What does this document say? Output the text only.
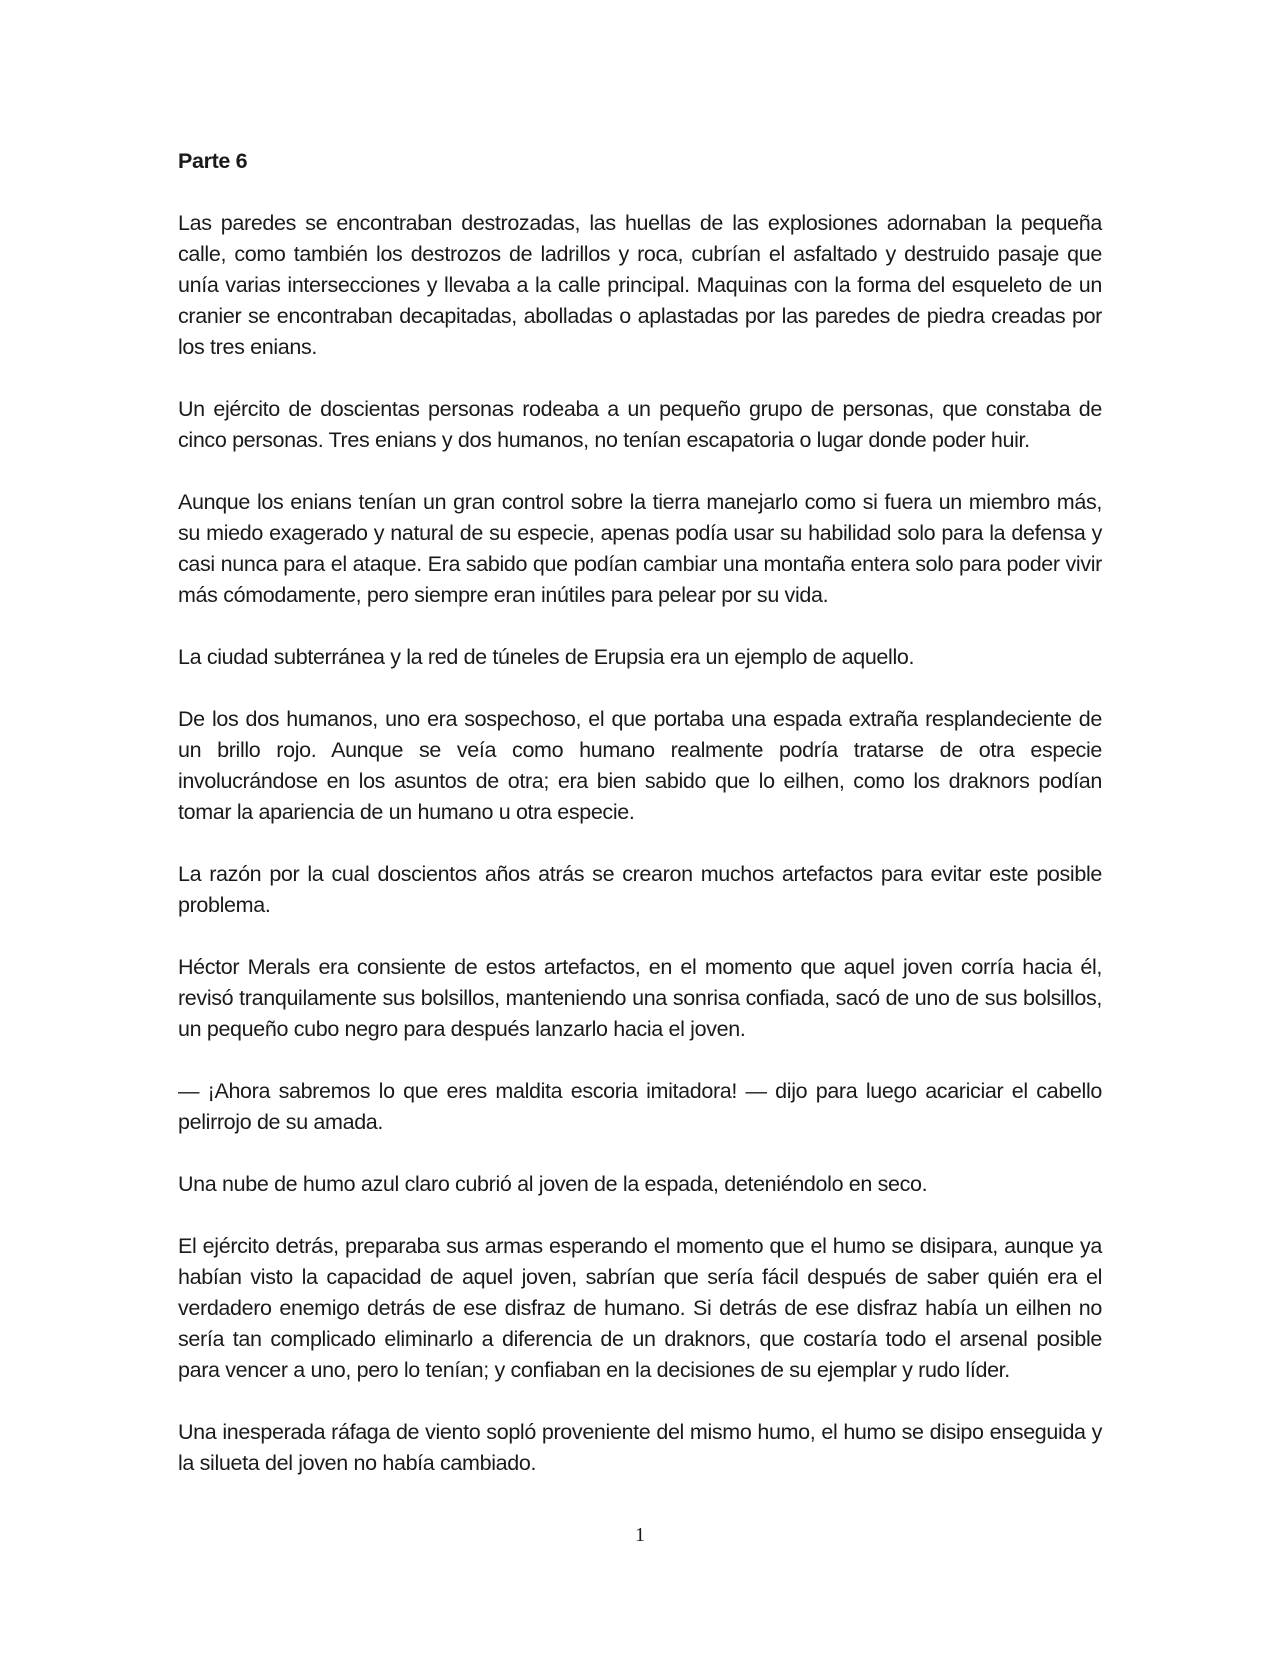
Parte 6

Las paredes se encontraban destrozadas, las huellas de las explosiones adornaban la pequeña calle, como también los destrozos de ladrillos y roca, cubrían el asfaltado y destruido pasaje que unía varias intersecciones y llevaba a la calle principal. Maquinas con la forma del esqueleto de un cranier se encontraban decapitadas, abolladas o aplastadas por las paredes de piedra creadas por los tres enians.

Un ejército de doscientas personas rodeaba a un pequeño grupo de personas, que constaba de cinco personas. Tres enians y dos humanos, no tenían escapatoria o lugar donde poder huir.

Aunque los enians tenían un gran control sobre la tierra manejarlo como si fuera un miembro más, su miedo exagerado y natural de su especie, apenas podía usar su habilidad solo para la defensa y casi nunca para el ataque. Era sabido que podían cambiar una montaña entera solo para poder vivir más cómodamente, pero siempre eran inútiles para pelear por su vida.

La ciudad subterránea y la red de túneles de Erupsia era un ejemplo de aquello.

De los dos humanos, uno era sospechoso, el que portaba una espada extraña resplandeciente de un brillo rojo. Aunque se veía como humano realmente podría tratarse de otra especie involucrándose en los asuntos de otra; era bien sabido que lo eilhen, como los draknors podían tomar la apariencia de un humano u otra especie.

La razón por la cual doscientos años atrás se crearon muchos artefactos para evitar este posible problema.

Héctor Merals era consiente de estos artefactos, en el momento que aquel joven corría hacia él, revisó tranquilamente sus bolsillos, manteniendo una sonrisa confiada, sacó de uno de sus bolsillos, un pequeño cubo negro para después lanzarlo hacia el joven.

— ¡Ahora sabremos lo que eres maldita escoria imitadora! — dijo para luego acariciar el cabello pelirrojo de su amada.

Una nube de humo azul claro cubrió al joven de la espada, deteniéndolo en seco.

El ejército detrás, preparaba sus armas esperando el momento que el humo se disipara, aunque ya habían visto la capacidad de aquel joven, sabrían que sería fácil después de saber quién era el verdadero enemigo detrás de ese disfraz de humano. Si detrás de ese disfraz había un eilhen no sería tan complicado eliminarlo a diferencia de un draknors, que costaría todo el arsenal posible para vencer a uno, pero lo tenían; y confiaban en la decisiones de su ejemplar y rudo líder.

Una inesperada ráfaga de viento sopló proveniente del mismo humo, el humo se disipo enseguida y la silueta del joven no había cambiado.

1
